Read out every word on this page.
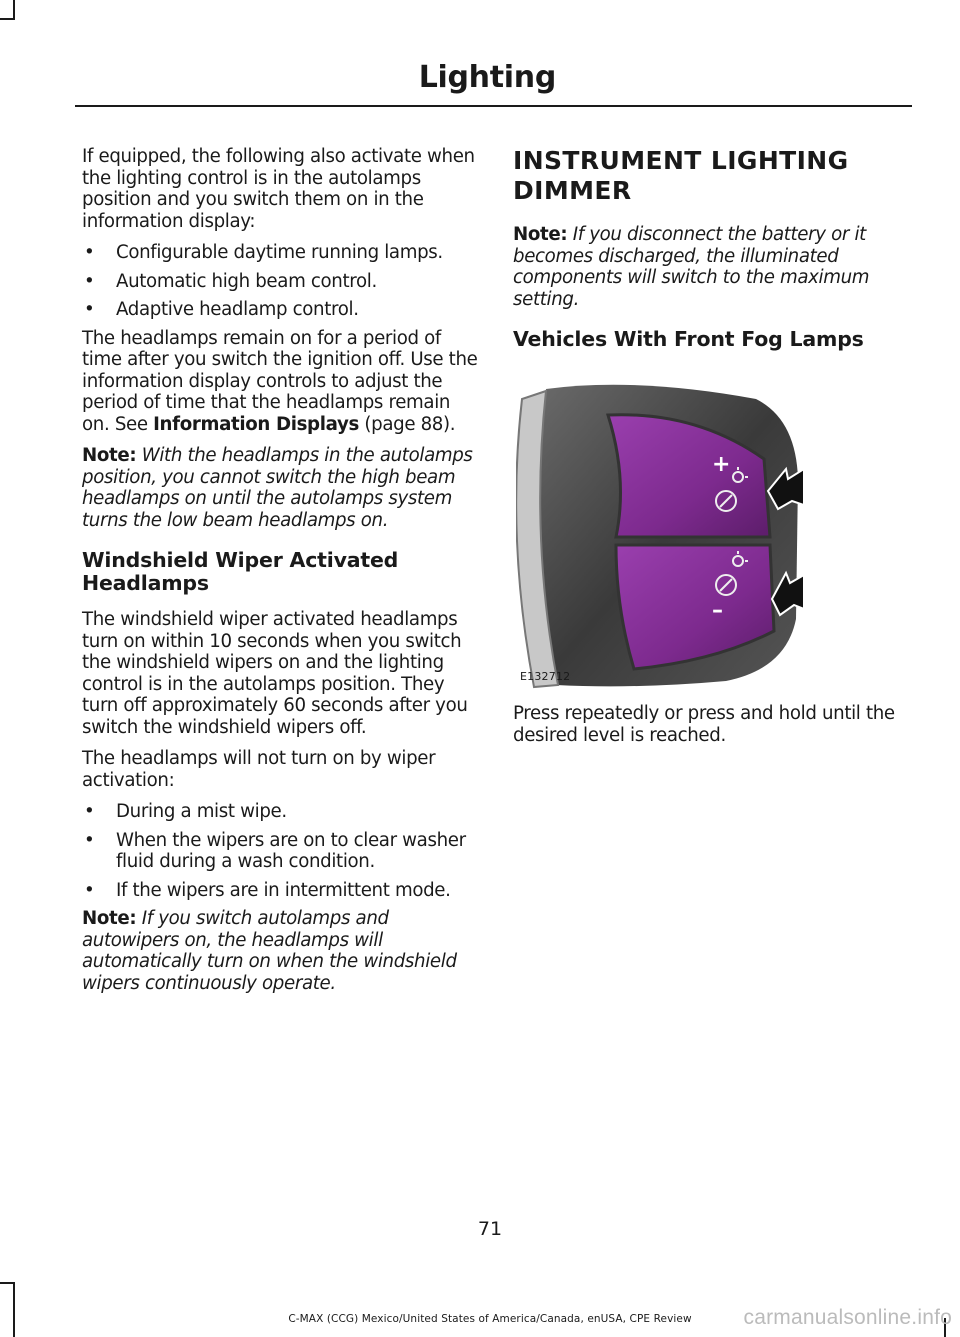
Lighting

If equipped, the following also activate when the lighting control is in the autolamps position and you switch them on in the information display:

• Configurable daytime running lamps.
• Automatic high beam control.
• Adaptive headlamp control.

The headlamps remain on for a period of time after you switch the ignition off. Use the information display controls to adjust the period of time that the headlamps remain on. See Information Displays (page 88).

Note: With the headlamps in the autolamps position, you cannot switch the high beam headlamps on until the autolamps system turns the low beam headlamps on.

Windshield Wiper Activated Headlamps

The windshield wiper activated headlamps turn on within 10 seconds when you switch the windshield wipers on and the lighting control is in the autolamps position. They turn off approximately 60 seconds after you switch the windshield wipers off.

The headlamps will not turn on by wiper activation:

• During a mist wipe.
• When the wipers are on to clear washer fluid during a wash condition.
• If the wipers are in intermittent mode.

Note: If you switch autolamps and autowipers on, the headlamps will automatically turn on when the windshield wipers continuously operate.

INSTRUMENT LIGHTING
DIMMER

Note: If you disconnect the battery or it becomes discharged, the illuminated components will switch to the maximum setting.

Vehicles With Front Fog Lamps
+
–
E132712

Press repeatedly or press and hold until the desired level is reached.

71
C-MAX (CCG) Mexico/United States of America/Canada, enUSA, CPE Review	carmanualsonline.info
